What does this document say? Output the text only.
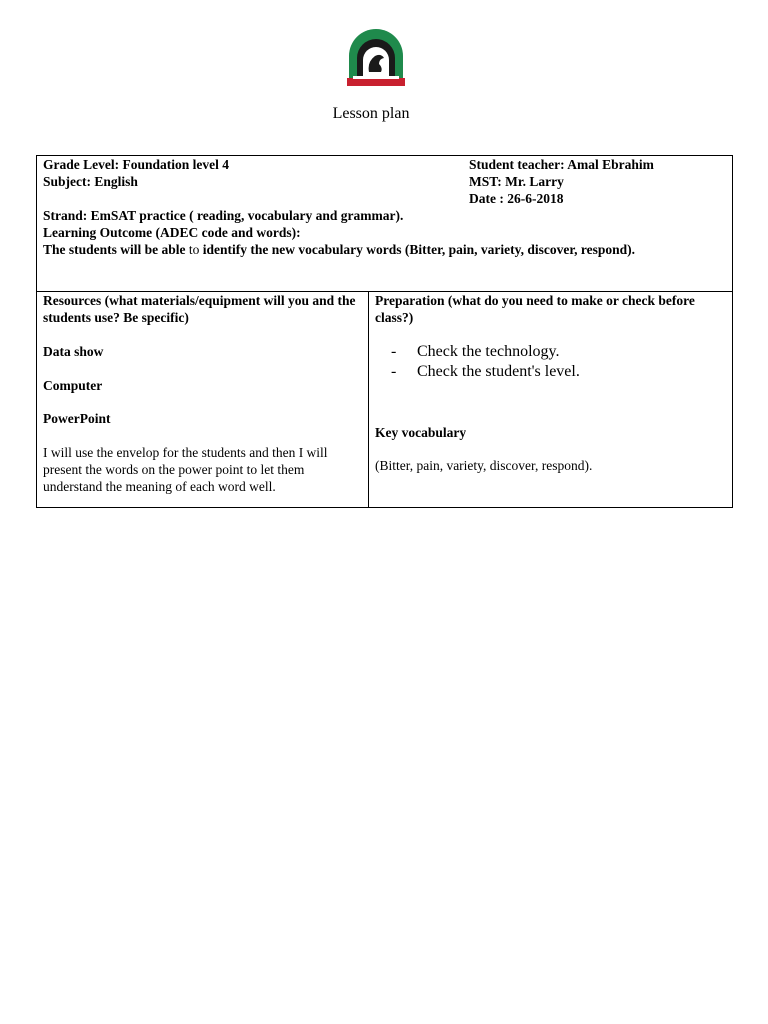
Lesson plan
Grade Level: Foundation level 4
Subject: English
Student teacher: Amal Ebrahim
MST: Mr. Larry
Date : 26-6-2018
Strand: EmSAT practice ( reading, vocabulary and grammar).
Learning Outcome (ADEC code and words):
The students will be able to identify the new vocabulary words (Bitter, pain, variety, discover, respond).
Resources (what materials/equipment will you and the students use? Be specific)
Data show
Computer
PowerPoint
I will use the envelop for the students and then I will present the words on the power point to let them understand the meaning of each word well.
Preparation (what do you need to make or check before class?)
- Check the technology.
- Check the student's level.
Key vocabulary
(Bitter, pain, variety, discover, respond).
